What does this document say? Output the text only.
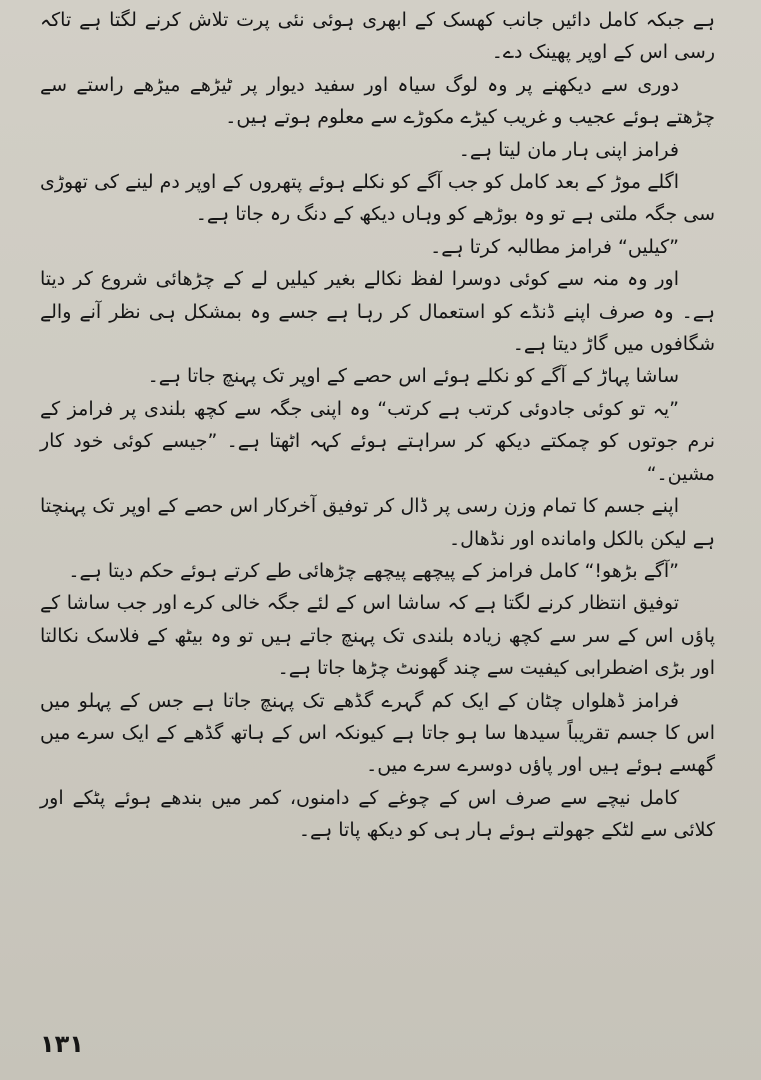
ہے جبکہ کامل دائیں جانب کھسک کے ابھری ہوئی نئی پرت تلاش کرنے لگتا ہے تاکہ رسی اس کے اوپر پھینک دے۔

دوری سے دیکھنے پر وہ لوگ سیاہ اور سفید دیوار پر ٹیڑھے میڑھے راستے سے چڑھتے ہوئے عجیب و غریب کیڑے مکوڑے سے معلوم ہوتے ہیں۔

فرامز اپنی ہار مان لیتا ہے۔

اگلے موڑ کے بعد کامل کو جب آگے کو نکلے ہوئے پتھروں کے اوپر دم لینے کی تھوڑی سی جگہ ملتی ہے تو وہ بوڑھے کو وہاں دیکھ کے دنگ رہ جاتا ہے۔

”کیلیں“ فرامز مطالبہ کرتا ہے۔

اور وہ منہ سے کوئی دوسرا لفظ نکالے بغیر کیلیں لے کے چڑھائی شروع کر دیتا ہے۔ وہ صرف اپنے ڈنڈے کو استعمال کر رہا ہے جسے وہ بمشکل ہی نظر آنے والے شگافوں میں گاڑ دیتا ہے۔

ساشا پہاڑ کے آگے کو نکلے ہوئے اس حصے کے اوپر تک پہنچ جاتا ہے۔

”یہ تو کوئی جادوئی کرتب ہے کرتب“ وہ اپنی جگہ سے کچھ بلندی پر فرامز کے نرم جوتوں کو چمکتے دیکھ کر سراہتے ہوئے کہہ اٹھتا ہے۔ ”جیسے کوئی خود کار مشین۔“

اپنے جسم کا تمام وزن رسی پر ڈال کر توفیق آخرکار اس حصے کے اوپر تک پہنچتا ہے لیکن بالکل وامانده اور نڈھال۔

”آگے بڑھو!“ کامل فرامز کے پیچھے پیچھے چڑھائی طے کرتے ہوئے حکم دیتا ہے۔

توفیق انتظار کرنے لگتا ہے کہ ساشا اس کے لئے جگہ خالی کرے اور جب ساشا کے پاؤں اس کے سر سے کچھ زیادہ بلندی تک پہنچ جاتے ہیں تو وہ بیٹھ کے فلاسک نکالتا اور بڑی اضطرابی کیفیت سے چند گھونٹ چڑھا جاتا ہے۔

فرامز ڈھلواں چٹان کے ایک کم گہرے گڈھے تک پہنچ جاتا ہے جس کے پہلو میں اس کا جسم تقریباً سیدھا سا ہو جاتا ہے کیونکہ اس کے ہاتھ گڈھے کے ایک سرے میں گھسے ہوئے ہیں اور پاؤں دوسرے سرے میں۔

کامل نیچے سے صرف اس کے چوغے کے دامنوں، کمر میں بندھے ہوئے پٹکے اور کلائی سے لٹکے جھولتے ہوئے ہار ہی کو دیکھ پاتا ہے۔

۱۳۱
